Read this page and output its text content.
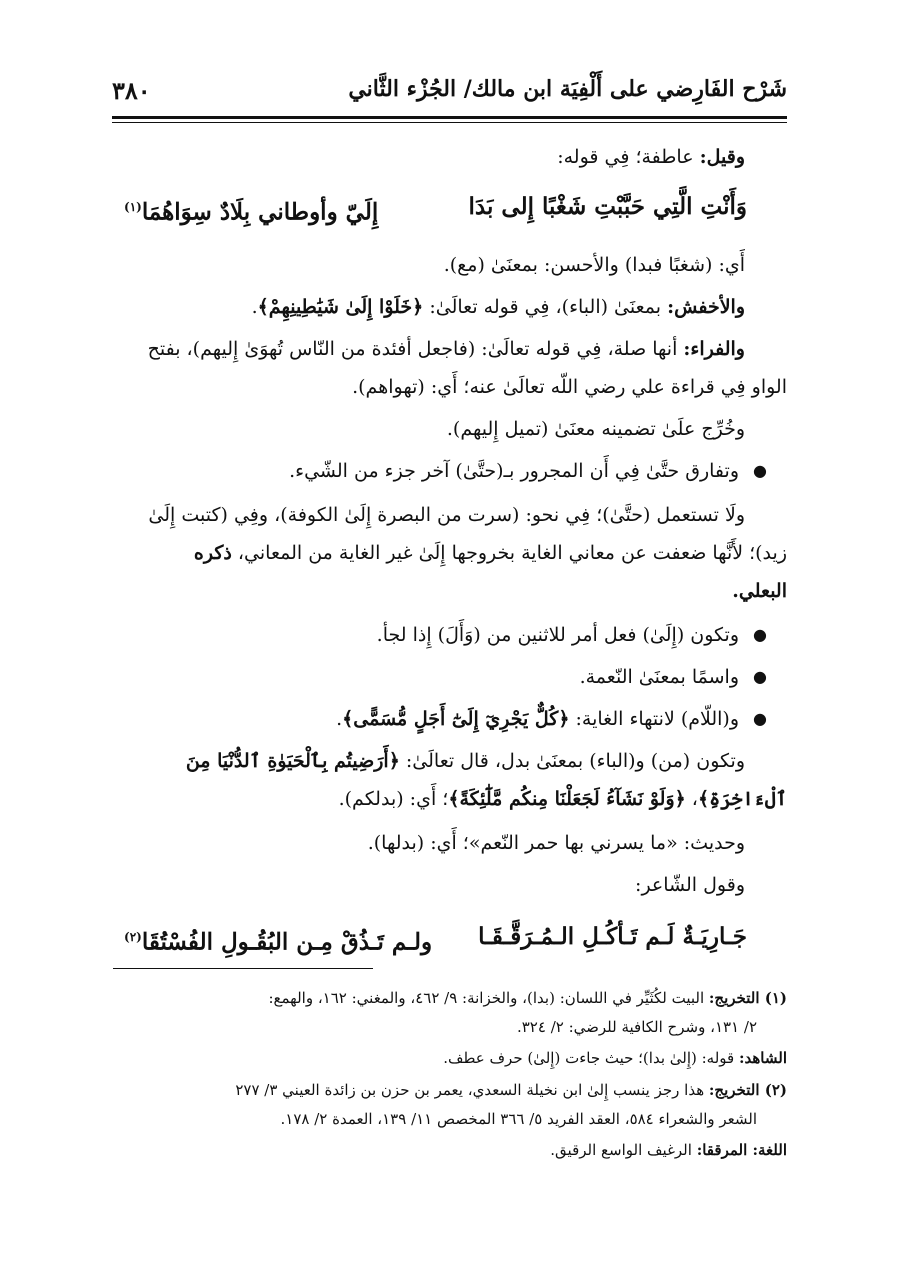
شَرْح الفَارِضي على أَلْفِيَة ابن مالك/ الجُزْء الثَّاني
٣٨٠
وقيل: عاطفة؛ فِي قوله:
وَأَنْتِ الَّتِي حَبَّبْتِ شَغْبًا إِلى بَدَا
إِلَيّ وأوطاني بِلَادٌ سِوَاهُمَا$^{(١)}$
أَي: (شغبًا فبدا) والأحسن: بمعنَىٰ (مع).
والأخفش: بمعنَىٰ (الباء)، فِي قوله تعالَىٰ: ﴿خَلَوْا إِلَىٰ شَيَٰطِينِهِمْ﴾.
والفراء: أنها صلة، فِي قوله تعالَىٰ: (فاجعل أفئدة من النّاس تُهوَىٰ إِليهم)، بفتح
الواو فِي قراءة علي رضي اللّه تعالَىٰ عنه؛ أَي: (تهواهم).
وخُرِّج علَىٰ تضمينه معنَىٰ (تميل إِليهم).
●
وتفارق حتَّىٰ فِي أَن المجرور بـ(حتَّىٰ) آخر جزء من الشّيء.
ولَا تستعمل (حتَّىٰ)؛ فِي نحو: (سرت من البصرة إِلَىٰ الكوفة)، وفِي (كتبت إِلَىٰ
زيد)؛ لأَنَّها ضعفت عن معاني الغاية بخروجها إِلَىٰ غير الغاية من المعاني، ذكره
البعلي.
●
وتكون (إِلَىٰ) فعل أمر للاثنين من (وَأَلَ) إِذا لجأ.
●
واسمًا بمعنَىٰ النّعمة.
●
و(اللّام) لانتهاء الغاية: ﴿كُلٌّ يَجْرِيٓ إِلَىٰٓ أَجَلٍ مُّسَمًّى﴾.
وتكون (من) و(الباء) بمعنَىٰ بدل، قال تعالَىٰ: ﴿أَرَضِيتُم بِٱلْحَيَوٰةِ ٱلدُّنْيَا مِنَ
ٱلْءَاخِرَةِ﴾، ﴿وَلَوْ نَشَآءُ لَجَعَلْنَا مِنكُم مَّلَٰٓئِكَةً﴾؛ أَي: (بدلكم).
وحديث: «ما يسرني بها حمر النّعم»؛ أَي: (بدلها).
وقول الشّاعر:
جَـارِيَـةٌ لَـم تَـأكُـلِ الـمُـرَقَّـقَـا
ولـم تَـذُقْ مِـن البُقُـولِ الفُسْتُقَا$^{(٢)}$
(١) التخريج: البيت لكُثَيِّر في اللسان: (بدا)، والخزانة: ٩/ ٤٦٢، والمغني: ١٦٢، والهمع:
٢/ ١٣١، وشرح الكافية للرضي: ٢/ ٣٢٤.
الشاهد: قوله: (إِلىٰ بدا)؛ حيث جاءت (إِلىٰ) حرف عطف.
(٢) التخريج: هذا رجز ينسب إِلىٰ ابن نخيلة السعدي، يعمر بن حزن بن زائدة العيني ٣/ ٢٧٧
الشعر والشعراء ٥٨٤، العقد الفريد ٥/ ٣٦٦ المخصص ١١/ ١٣٩، العمدة ٢/ ١٧٨.
اللغة: المرققا: الرغيف الواسع الرقيق.
